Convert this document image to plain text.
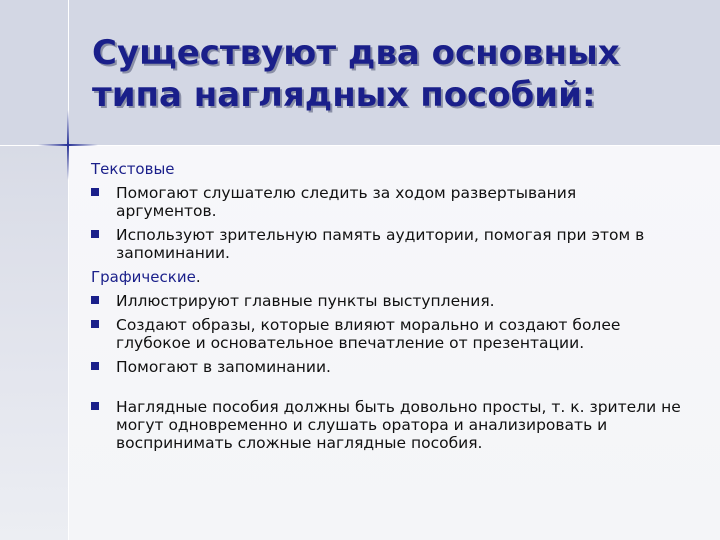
Существуют два основных типа наглядных пособий:
Текстовые
Помогают слушателю следить за ходом развертывания аргументов.
Используют зрительную память аудитории, помогая при этом в запоминании.
Графические.
Иллюстрируют главные пункты выступления.
Создают образы, которые влияют морально и создают более глубокое и основательное впечатление от презентации.
Помогают в запоминании.
Наглядные пособия должны быть довольно просты, т. к. зрители не могут одновременно и слушать оратора и анализировать и воспринимать сложные наглядные пособия.
